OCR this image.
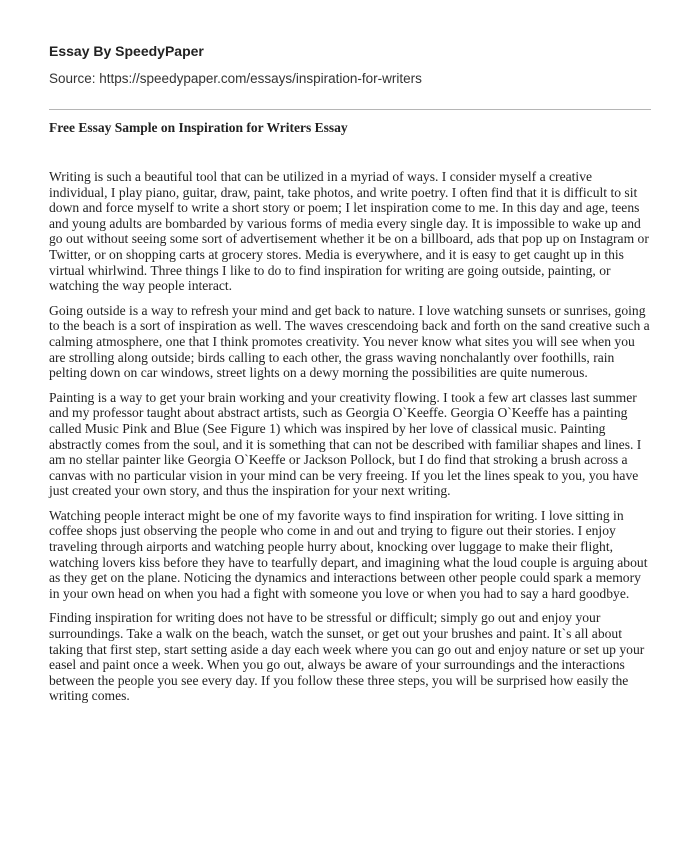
Essay By SpeedyPaper
Source: https://speedypaper.com/essays/inspiration-for-writers
Free Essay Sample on Inspiration for Writers Essay

Writing is such a beautiful tool that can be utilized in a myriad of ways. I consider myself a creative individual, I play piano, guitar, draw, paint, take photos, and write poetry. I often find that it is difficult to sit down and force myself to write a short story or poem; I let inspiration come to me. In this day and age, teens and young adults are bombarded by various forms of media every single day. It is impossible to wake up and go out without seeing some sort of advertisement whether it be on a billboard, ads that pop up on Instagram or Twitter, or on shopping carts at grocery stores. Media is everywhere, and it is easy to get caught up in this virtual whirlwind. Three things I like to do to find inspiration for writing are going outside, painting, or watching the way people interact.

Going outside is a way to refresh your mind and get back to nature. I love watching sunsets or sunrises, going to the beach is a sort of inspiration as well. The waves crescendoing back and forth on the sand creative such a calming atmosphere, one that I think promotes creativity. You never know what sites you will see when you are strolling along outside; birds calling to each other, the grass waving nonchalantly over foothills, rain pelting down on car windows, street lights on a dewy morning the possibilities are quite numerous.

Painting is a way to get your brain working and your creativity flowing. I took a few art classes last summer and my professor taught about abstract artists, such as Georgia O`Keeffe. Georgia O`Keeffe has a painting called Music Pink and Blue (See Figure 1) which was inspired by her love of classical music. Painting abstractly comes from the soul, and it is something that can not be described with familiar shapes and lines. I am no stellar painter like Georgia O`Keeffe or Jackson Pollock, but I do find that stroking a brush across a canvas with no particular vision in your mind can be very freeing. If you let the lines speak to you, you have just created your own story, and thus the inspiration for your next writing.

Watching people interact might be one of my favorite ways to find inspiration for writing. I love sitting in coffee shops just observing the people who come in and out and trying to figure out their stories. I enjoy traveling through airports and watching people hurry about, knocking over luggage to make their flight, watching lovers kiss before they have to tearfully depart, and imagining what the loud couple is arguing about as they get on the plane. Noticing the dynamics and interactions between other people could spark a memory in your own head on when you had a fight with someone you love or when you had to say a hard goodbye.

Finding inspiration for writing does not have to be stressful or difficult; simply go out and enjoy your surroundings. Take a walk on the beach, watch the sunset, or get out your brushes and paint. It`s all about taking that first step, start setting aside a day each week where you can go out and enjoy nature or set up your easel and paint once a week. When you go out, always be aware of your surroundings and the interactions between the people you see every day. If you follow these three steps, you will be surprised how easily the writing comes.
